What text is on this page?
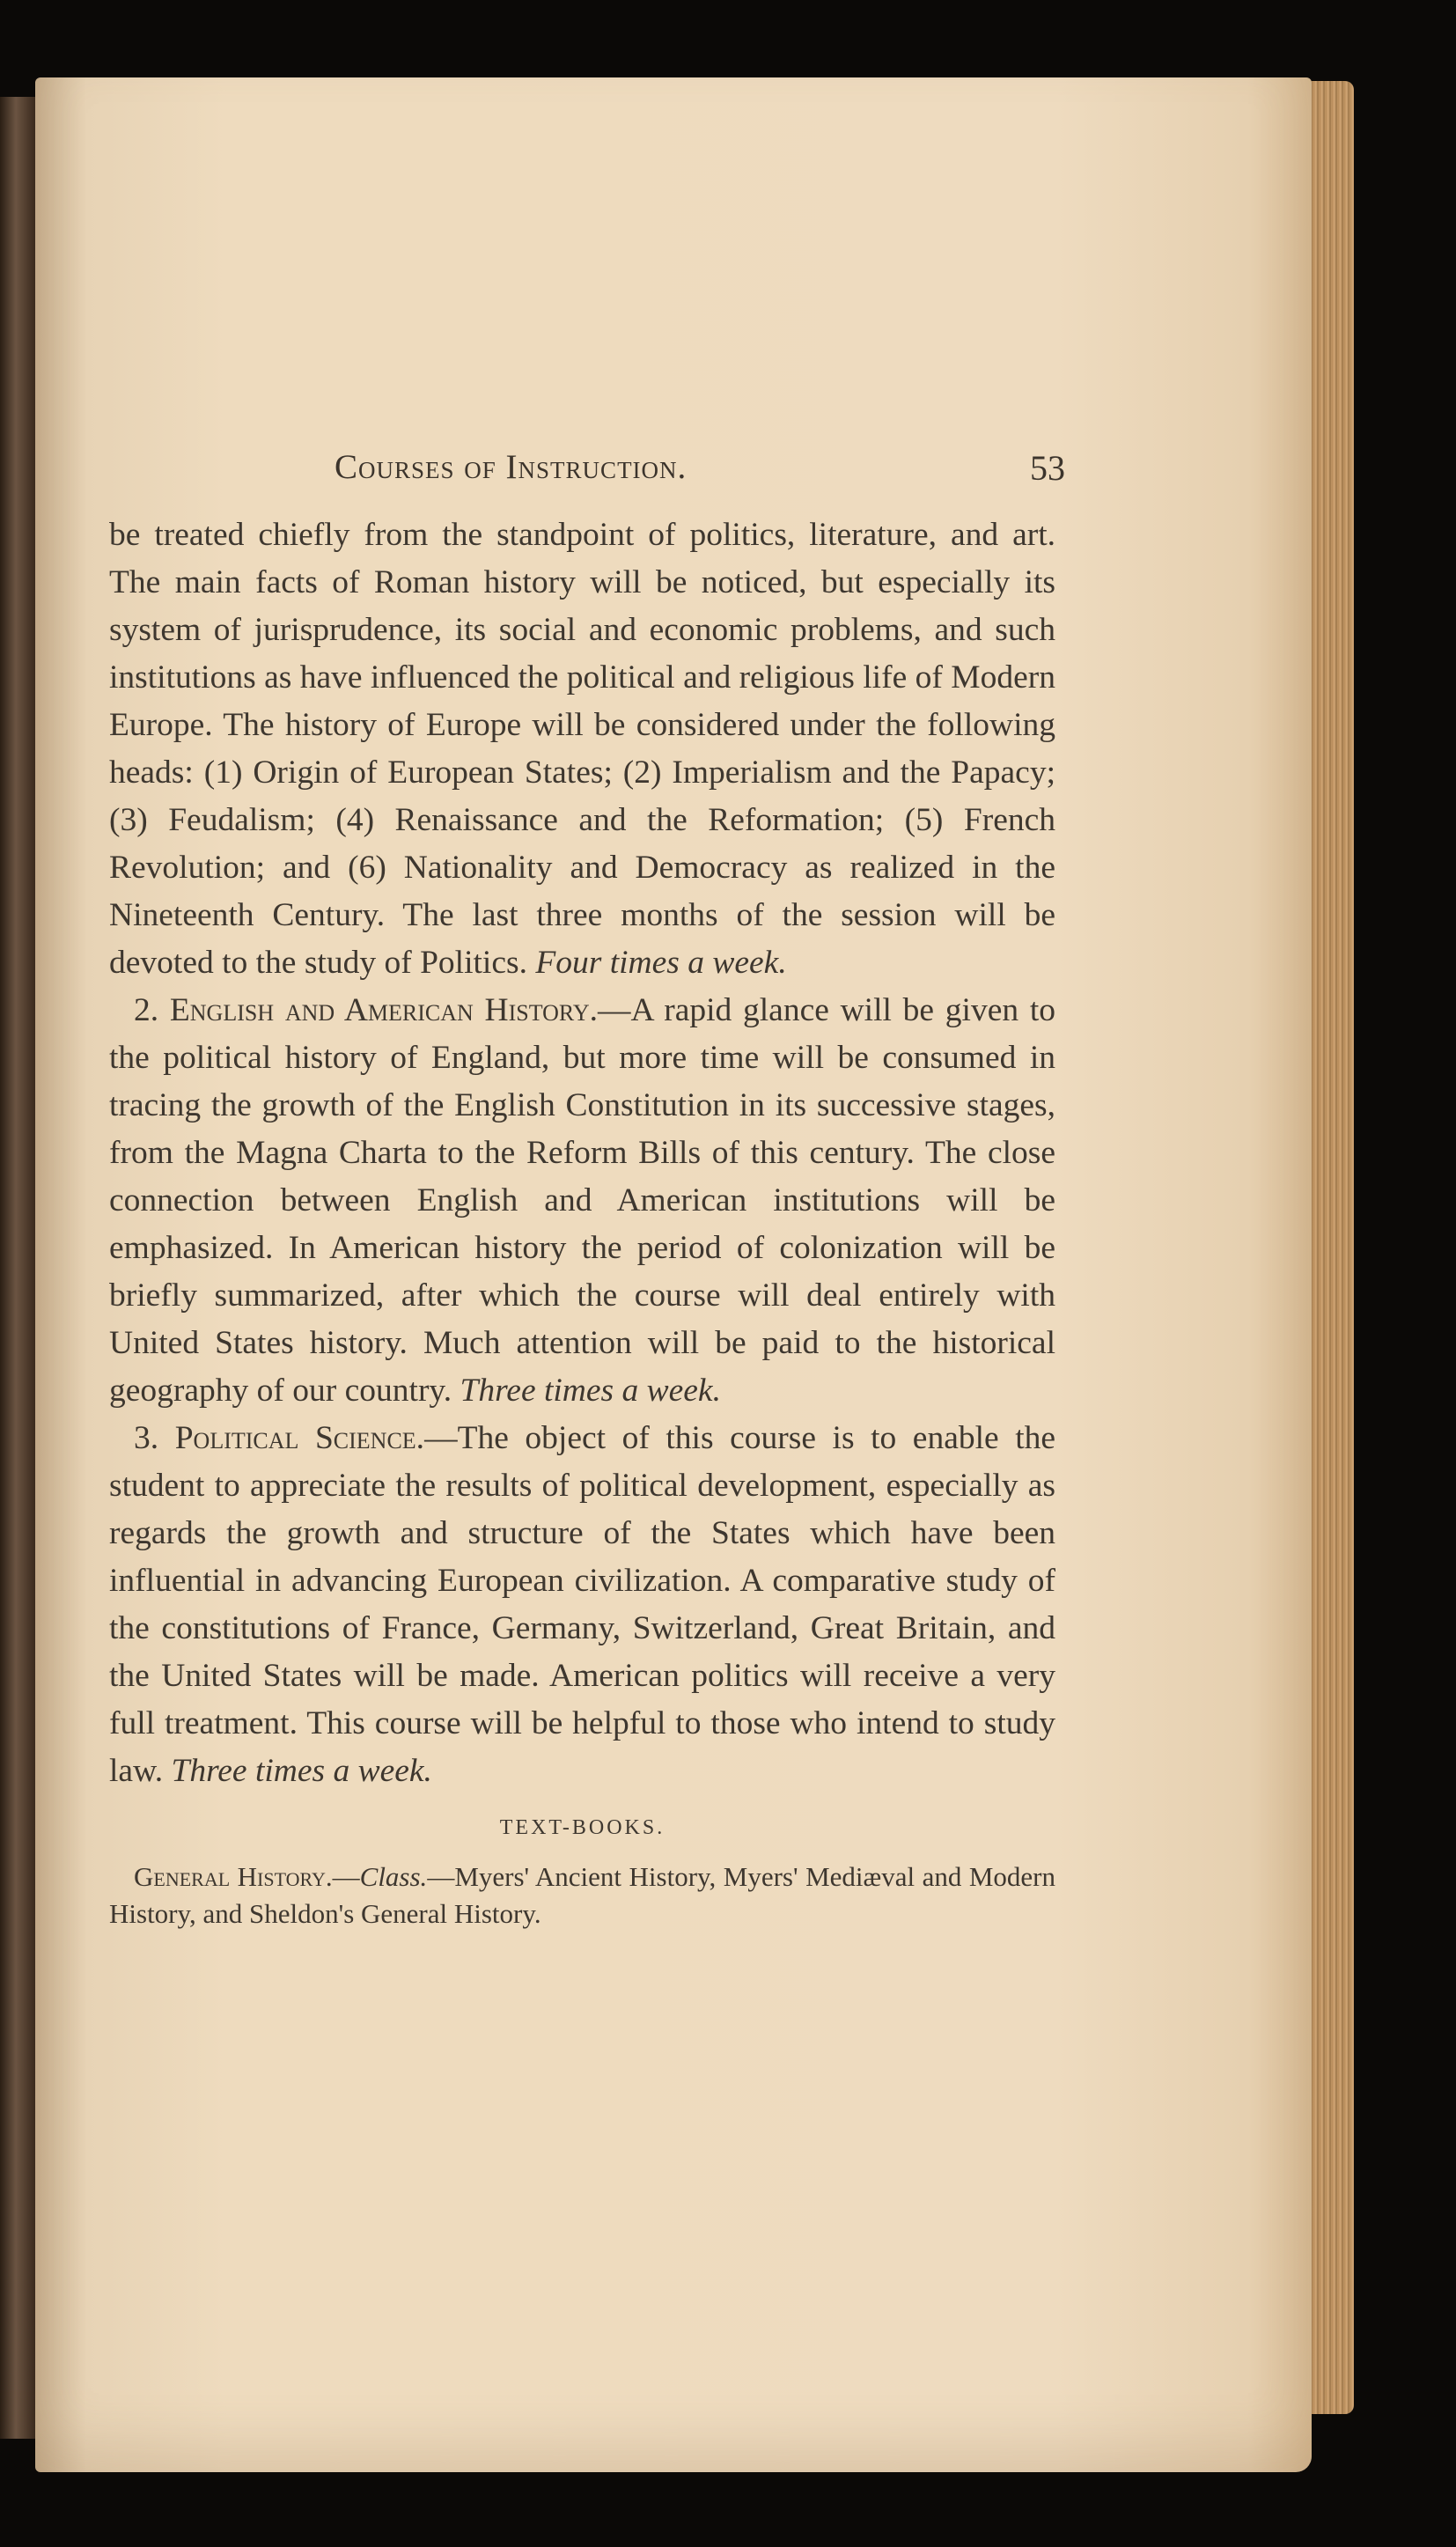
Courses of Instruction.	53

be treated chiefly from the standpoint of politics, literature, and art. The main facts of Roman history will be noticed, but especially its system of jurisprudence, its social and economic problems, and such institutions as have influenced the political and religious life of Modern Europe. The history of Europe will be considered under the following heads: (1) Origin of European States; (2) Imperialism and the Papacy; (3) Feudalism; (4) Renaissance and the Reformation; (5) French Revolution; and (6) Nationality and Democracy as realized in the Nineteenth Century. The last three months of the session will be devoted to the study of Politics. Four times a week.

2. English and American History.—A rapid glance will be given to the political history of England, but more time will be consumed in tracing the growth of the English Constitution in its successive stages, from the Magna Charta to the Reform Bills of this century. The close connection between English and American institutions will be emphasized. In American history the period of colonization will be briefly summarized, after which the course will deal entirely with United States history. Much attention will be paid to the historical geography of our country. Three times a week.

3. Political Science.—The object of this course is to enable the student to appreciate the results of political development, especially as regards the growth and structure of the States which have been influential in advancing European civilization. A comparative study of the constitutions of France, Germany, Switzerland, Great Britain, and the United States will be made. American politics will receive a very full treatment. This course will be helpful to those who intend to study law. Three times a week.

TEXT-BOOKS.

General History.—Class.—Myers' Ancient History, Myers' Mediæval and Modern History, and Sheldon's General History.
